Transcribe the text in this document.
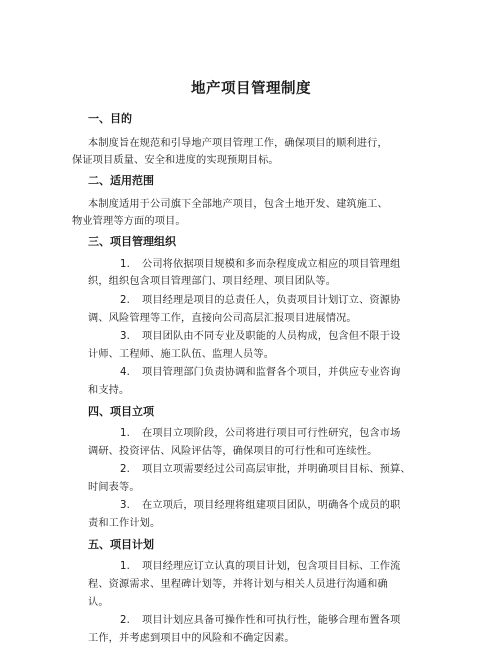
地产项目管理制度
一、目的
本制度旨在规范和引导地产项目管理工作，确保项目的顺利进行，
保证项目质量、安全和进度的实现预期目标。
二、适用范围
本制度适用于公司旗下全部地产项目，包含土地开发、建筑施工、
物业管理等方面的项目。
三、项目管理组织
1. 公司将依据项目规模和多而杂程度成立相应的项目管理组
织，组织包含项目管理部门、项目经理、项目团队等。
2. 项目经理是项目的总责任人，负责项目计划订立、资源协
调、风险管理等工作，直接向公司高层汇报项目进展情况。
3. 项目团队由不同专业及职能的人员构成，包含但不限于设
计师、工程师、施工队伍、监理人员等。
4. 项目管理部门负责协调和监督各个项目，并供应专业咨询
和支持。
四、项目立项
1. 在项目立项阶段，公司将进行项目可行性研究，包含市场
调研、投资评估、风险评估等，确保项目的可行性和可连续性。
2. 项目立项需要经过公司高层审批，并明确项目目标、预算、
时间表等。
3. 在立项后，项目经理将组建项目团队，明确各个成员的职
责和工作计划。
五、项目计划
1. 项目经理应订立认真的项目计划，包含项目目标、工作流
程、资源需求、里程碑计划等，并将计划与相关人员进行沟通和确
认。
2. 项目计划应具备可操作性和可执行性，能够合理布置各项
工作，并考虑到项目中的风险和不确定因素。
